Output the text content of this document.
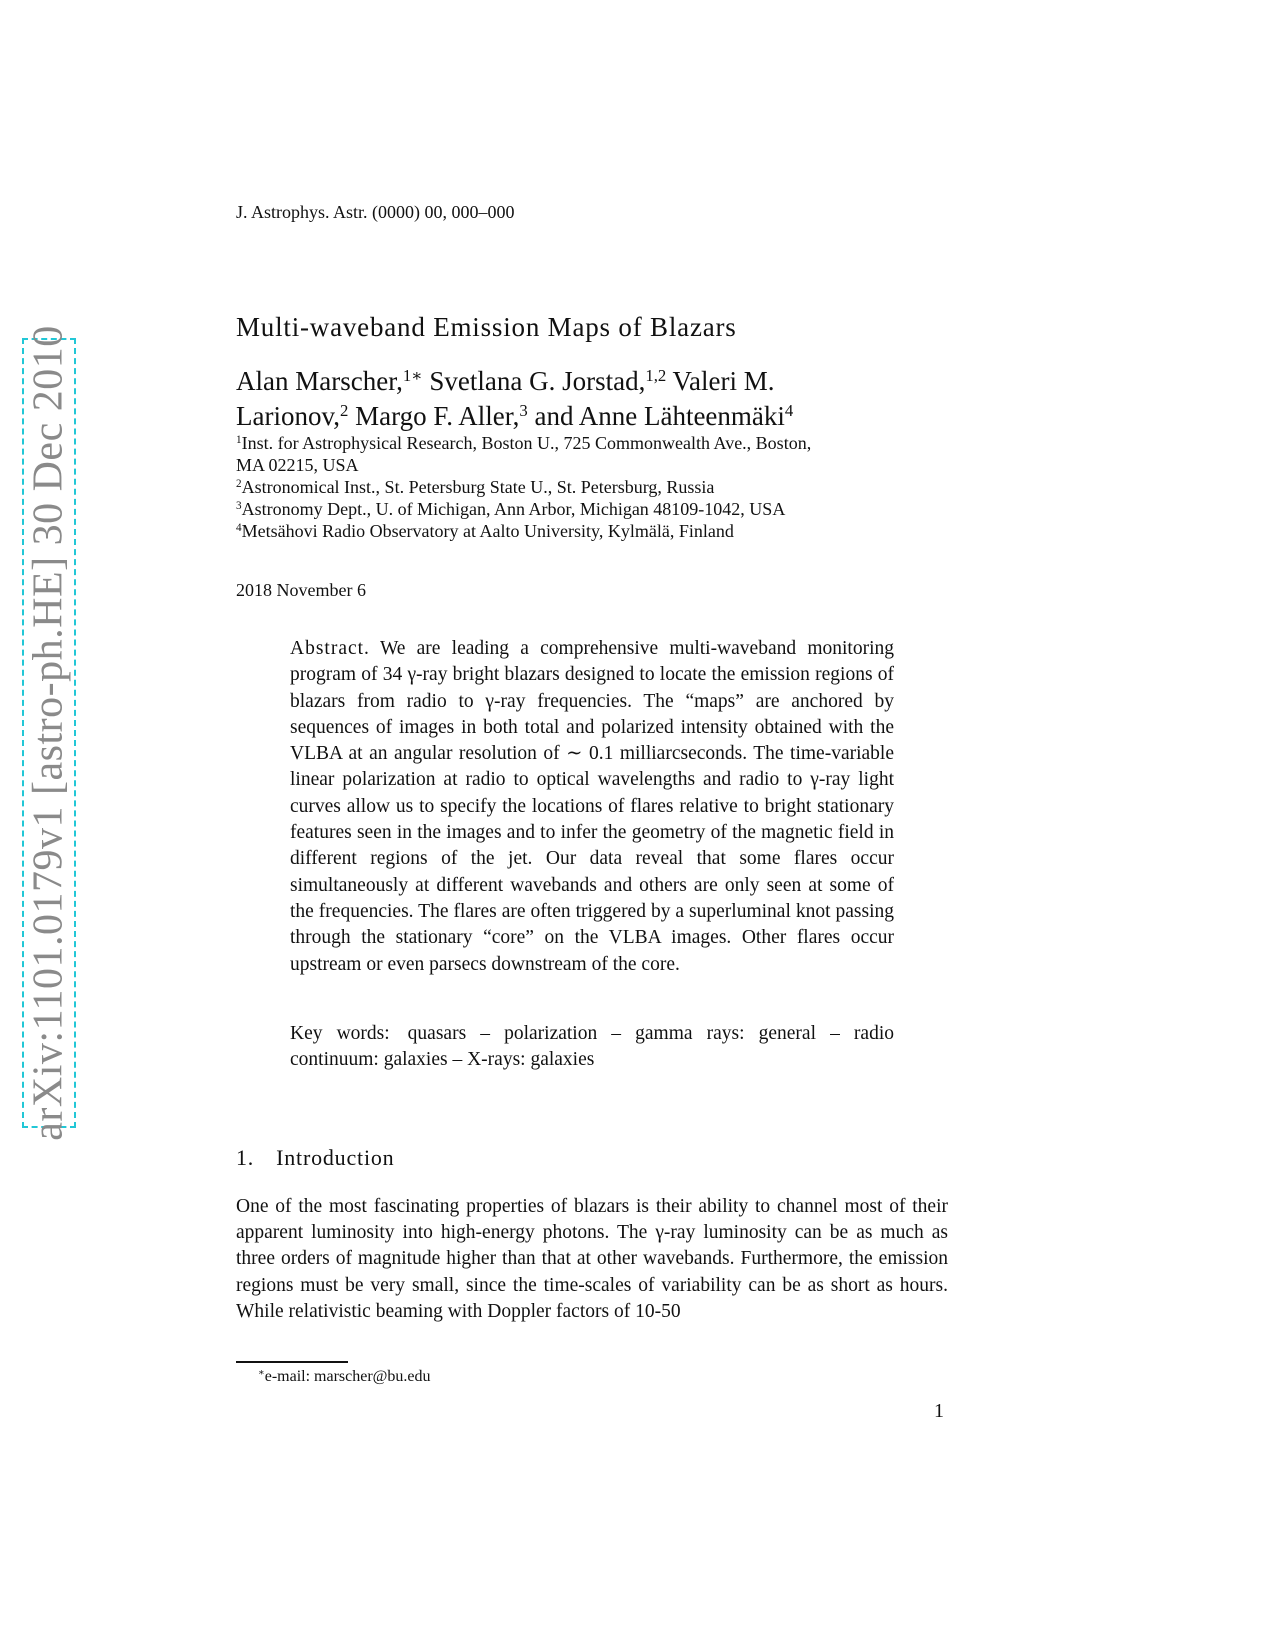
J. Astrophys. Astr. (0000) 00, 000–000
arXiv:1101.0179v1 [astro-ph.HE] 30 Dec 2010	Multi-waveband Emission Maps of Blazars
Alan Marscher,$^{1∗}$ Svetlana G. Jorstad,$^{1,2}$ Valeri M.
Larionov,$^2$ Margo F. Aller,$^3$ and Anne Lähteenmäki$^4$
$^1$Inst. for Astrophysical Research, Boston U., 725 Commonwealth Ave., Boston,
MA 02215, USA
$^2$Astronomical Inst., St. Petersburg State U., St. Petersburg, Russia
$^3$Astronomy Dept., U. of Michigan, Ann Arbor, Michigan 48109-1042, USA
$^4$Metsähovi Radio Observatory at Aalto University, Kylmälä, Finland
2018 November 6
Abstract. We are leading a comprehensive multi-waveband monitoring program of 34 γ-ray bright blazars designed to locate the emission regions of blazars from radio to γ-ray frequencies. The “maps” are anchored by sequences of images in both total and polarized intensity obtained with the VLBA at an angular resolution of ∼ 0.1 milliarcseconds. The time-variable linear polarization at radio to optical wavelengths and radio to γ-ray light curves allow us to specify the locations of flares relative to bright stationary features seen in the images and to infer the geometry of the magnetic field in different regions of the jet. Our data reveal that some flares occur simultaneously at different wavebands and others are only seen at some of the frequencies. The flares are often triggered by a superluminal knot passing through the stationary “core” on the VLBA images. Other flares occur upstream or even parsecs downstream of the core.
Key words: quasars – polarization – gamma rays: general – radio continuum: galaxies – X-rays: galaxies
1. Introduction
One of the most fascinating properties of blazars is their ability to channel most of their apparent luminosity into high-energy photons. The γ-ray luminosity can be as much as three orders of magnitude higher than that at other wavebands. Furthermore, the emission regions must be very small, since the time-scales of variability can be as short as hours. While relativistic beaming with Doppler factors of 10-50
∗e-mail: marscher@bu.edu
1
